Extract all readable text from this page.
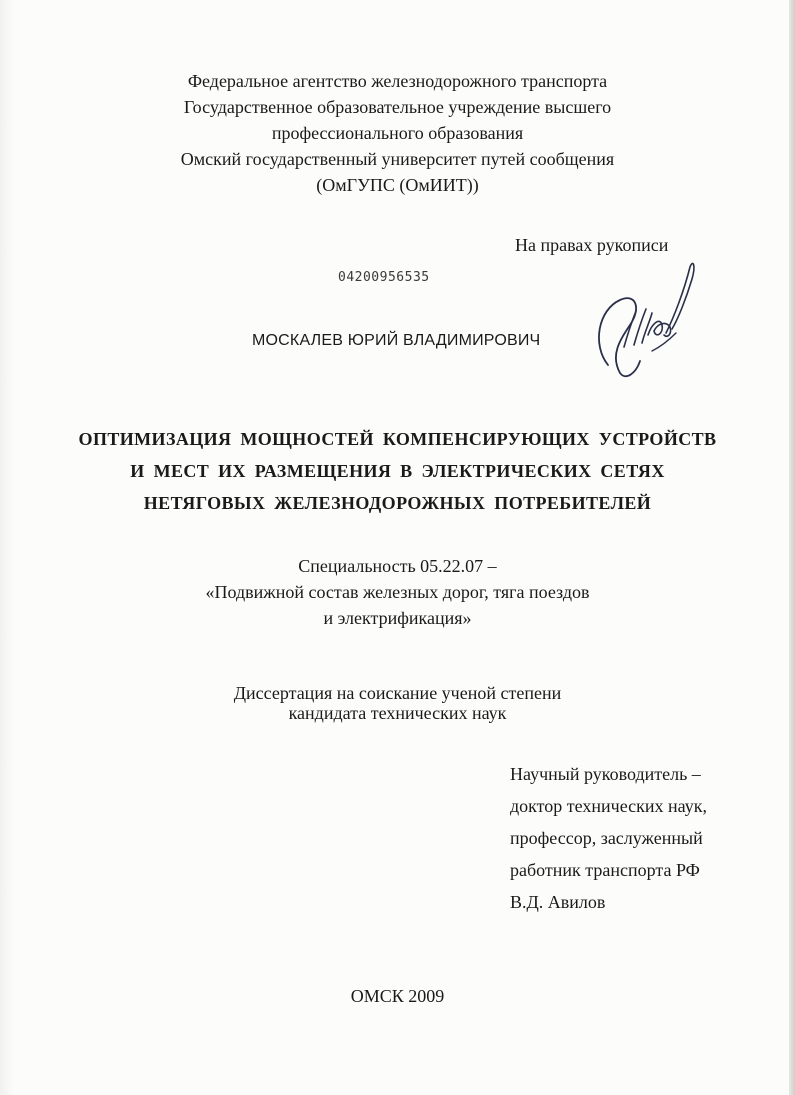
Федеральное агентство железнодорожного транспорта
Государственное образовательное учреждение высшего
профессионального образования
Омский государственный университет путей сообщения
(ОмГУПС (ОмИИТ))
На правах рукописи
04200956535
МОСКАЛЕВ ЮРИЙ ВЛАДИМИРОВИЧ
ОПТИМИЗАЦИЯ МОЩНОСТЕЙ КОМПЕНСИРУЮЩИХ УСТРОЙСТВ
И МЕСТ ИХ РАЗМЕЩЕНИЯ В ЭЛЕКТРИЧЕСКИХ СЕТЯХ
НЕТЯГОВЫХ ЖЕЛЕЗНОДОРОЖНЫХ ПОТРЕБИТЕЛЕЙ
Специальность 05.22.07 –
«Подвижной состав железных дорог, тяга поездов
и электрификация»
Диссертация на соискание ученой степени
кандидата технических наук
Научный руководитель –
доктор технических наук,
профессор, заслуженный
работник транспорта РФ
В.Д. Авилов
ОМСК 2009
